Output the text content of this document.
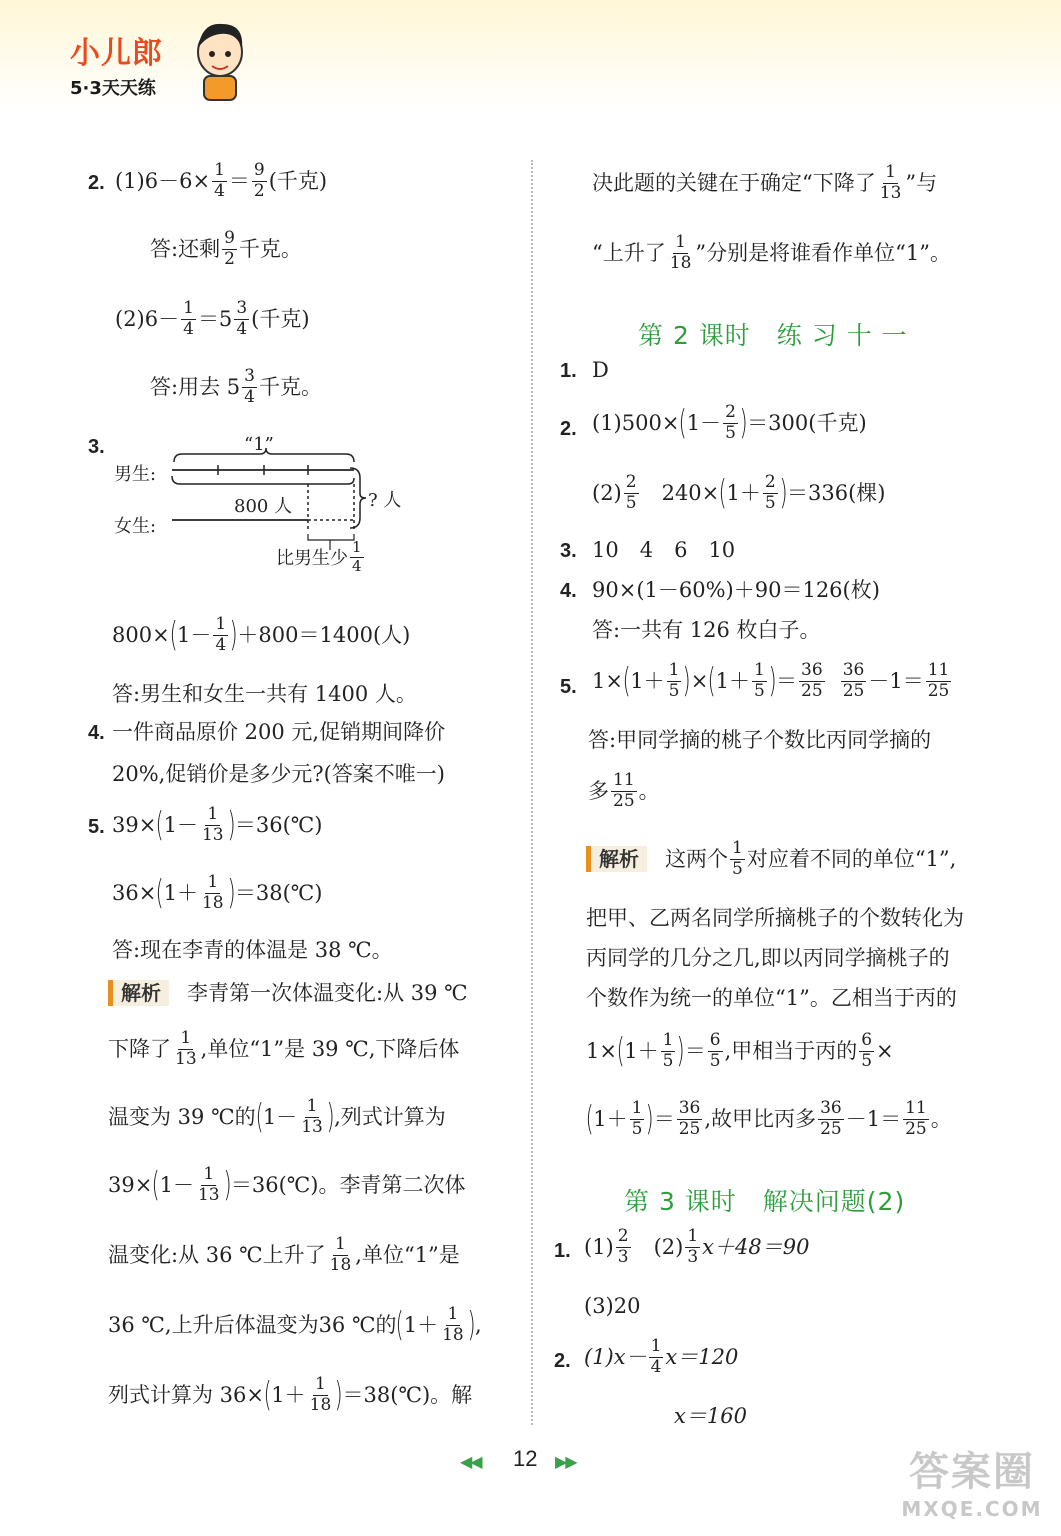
小儿郎
5·3天天练
2. $(1)6-6\times \frac{1}{4} = \frac{9}{2}$ (千克)
答:还剩 $\frac{9}{2}$ 千克。
$(2)6- \frac{1}{4} =5 \frac{3}{4}$ (千克)
答:用去 $5 \frac{3}{4}$ 千克。
3.	“1”
男生:
女生:
800 人	? 人
比男生少 $\frac{1}{4}$
800× ( $1- \frac{1}{4}$ ) ＋800＝1400(人)
答:男生和女生一共有 1400 人。
4. 一件商品原价 200 元,促销期间降价
20%,促销价是多少元?(答案不唯一)
5. 39× ( $1- \frac{1}{13}$ ) ＝36(℃)
36× ( $1+ \frac{1}{18}$ ) ＝38(℃)
答:现在李青的体温是 38 ℃。
解析	李青第一次体温变化:从 39 ℃
下降了 $\frac{1}{13}$ ,单位“1”是 39 ℃,下降后体
温变为 39 ℃的 ( $1- \frac{1}{13}$ ) ,列式计算为
39× ( $1- \frac{1}{13}$ ) ＝36(℃)。李青第二次体
温变化:从 36 ℃上升了 $\frac{1}{18}$ ,单位“1”是
36 ℃,上升后体温变为36 ℃的 ( $1+ \frac{1}{18}$ ) ,
列式计算为 36× ( $1+ \frac{1}{18}$ ) ＝38(℃)。解
决此题的关键在于确定“下降了 $\frac{1}{13}$ ”与
“上升了 $\frac{1}{18}$ ”分别是将谁看作单位“1”。
第 2 课时　练 习 十 一
1. D
2. (1)500× ( $1- \frac{2}{5}$ ) ＝300(千克)
$(2) \frac{2}{5}$ 　240× ( $1+ \frac{2}{5}$ ) ＝336(棵)
3. 10　4　6　10
4. 90×(1－60%)＋90＝126(枚)
答:一共有 126 枚白子。
5. 1× ( $1+ \frac{1}{5}$ ) × ( $1+ \frac{1}{5}$ ) ＝ $\frac{36}{25} \frac{36}{25} -1= \frac{11}{25}$
答:甲同学摘的桃子个数比丙同学摘的
多 $\frac{11}{25}$ 。
解析	这两个 $\frac{1}{5}$ 对应着不同的单位“1”,
把甲、乙两名同学所摘桃子的个数转化为
丙同学的几分之几,即以丙同学摘桃子的
个数作为统一的单位“1”。乙相当于丙的
1× ( $1+ \frac{1}{5}$ ) ＝ $\frac{6}{5}$ ,甲相当于丙的 $\frac{6}{5}$ ×
( $1+ \frac{1}{5}$ ) ＝ $\frac{36}{25}$ ,故甲比丙多 $\frac{36}{25} -1= \frac{11}{25}$ 。
第 3 课时　解决问题(2)
1. $(1) \frac{2}{3}$ 　$(2) \frac{1}{3} x+48=90$
(3)20
2. $(1)x- \frac{1}{4} x=120$
x＝160
◀◀ 12 ▶▶	答案圈
MXQE.COM
